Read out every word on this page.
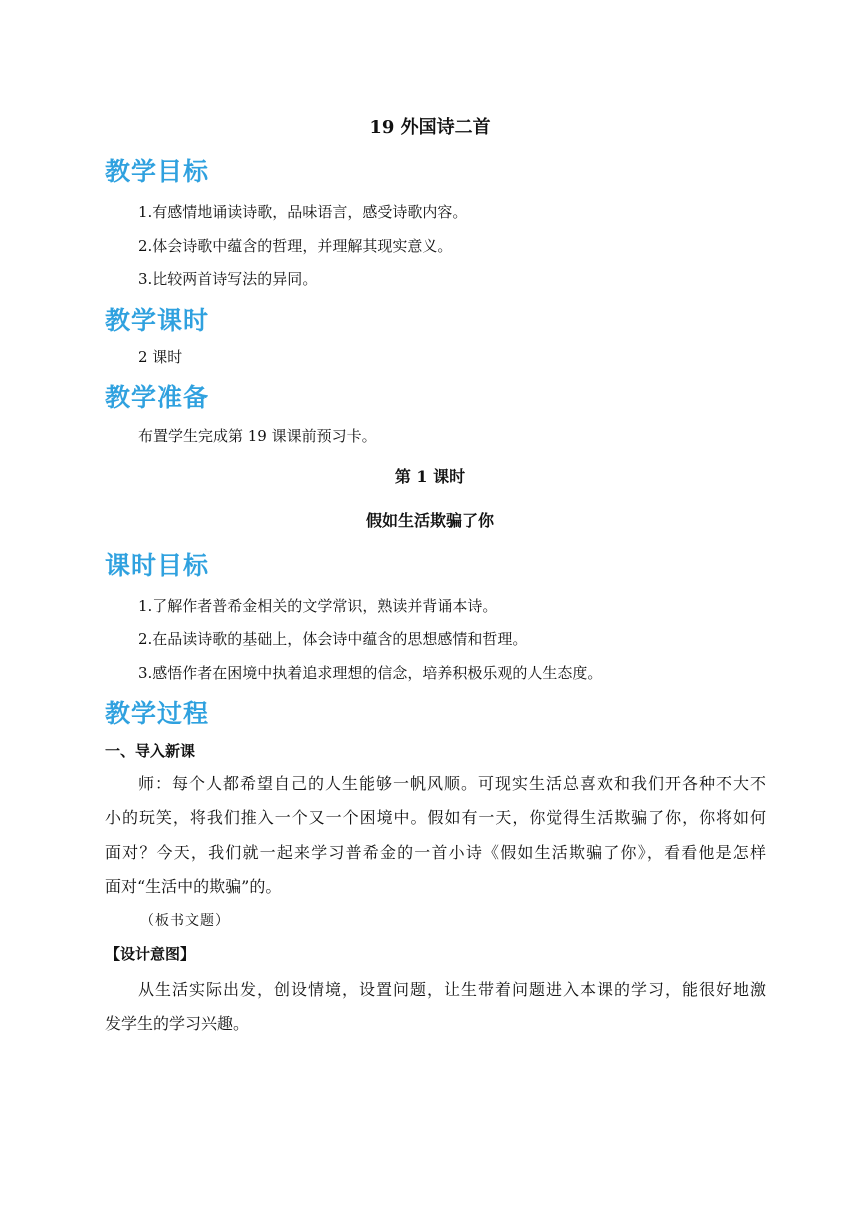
19 外国诗二首
教学目标
1.有感情地诵读诗歌，品味语言，感受诗歌内容。
2.体会诗歌中蕴含的哲理，并理解其现实意义。
3.比较两首诗写法的异同。
教学课时
2 课时
教学准备
布置学生完成第 19 课课前预习卡。
第 1 课时
假如生活欺骗了你
课时目标
1.了解作者普希金相关的文学常识，熟读并背诵本诗。
2.在品读诗歌的基础上，体会诗中蕴含的思想感情和哲理。
3.感悟作者在困境中执着追求理想的信念，培养积极乐观的人生态度。
教学过程
一、导入新课
师：每个人都希望自己的人生能够一帆风顺。可现实生活总喜欢和我们开各种不大不
小的玩笑，将我们推入一个又一个困境中。假如有一天，你觉得生活欺骗了你，你将如何
面对？今天，我们就一起来学习普希金的一首小诗《假如生活欺骗了你》，看看他是怎样
面对“生活中的欺骗”的。
（板书文题）
【设计意图】
从生活实际出发，创设情境，设置问题，让生带着问题进入本课的学习，能很好地激
发学生的学习兴趣。
